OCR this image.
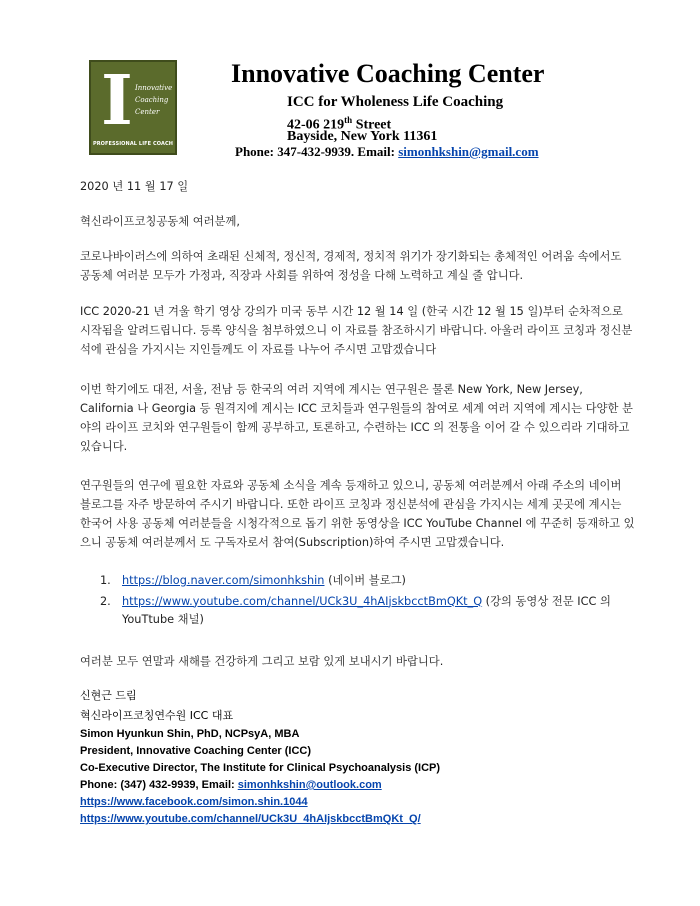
I Innovative
Coaching
Center
PROFESSIONAL LIFE COACH
Innovative Coaching Center
ICC for Wholeness Life Coaching
42-06 219th Street
Bayside, New York 11361
Phone: 347-432-9939. Email: simonhkshin@gmail.com
2020 년 11 월 17 일
혁신라이프코칭공동체 여러분께,

코로나바이러스에 의하여 초래된 신체적, 정신적, 경제적, 정치적 위기가 장기화되는 총체적인 어려움 속에서도 공동체 여러분 모두가 가정과, 직장과 사회를 위하여 정성을 다해 노력하고 계실 줄 압니다.

ICC 2020-21 년 겨울 학기 영상 강의가 미국 동부 시간 12 월 14 일 (한국 시간 12 월 15 일)부터 순차적으로 시작됨을 알려드립니다. 등록 양식을 첨부하였으니 이 자료를 참조하시기 바랍니다. 아울러 라이프 코칭과 정신분석에 관심을 가지시는 지인들께도 이 자료를 나누어 주시면 고맙겠습니다

이번 학기에도 대전, 서울, 전남 등 한국의 여러 지역에 계시는 연구원은 물론 New York, New Jersey, California 나 Georgia 등 원격지에 계시는 ICC 코치들과 연구원들의 참여로 세계 여러 지역에 계시는 다양한 분야의 라이프 코치와 연구원들이 함께 공부하고, 토론하고, 수련하는 ICC 의 전통을 이어 갈 수 있으리라 기대하고 있습니다.

연구원들의 연구에 필요한 자료와 공동체 소식을 계속 등재하고 있으니, 공동체 여러분께서 아래 주소의 네이버 블로그를 자주 방문하여 주시기 바랍니다. 또한 라이프 코칭과 정신분석에 관심을 가지시는 세계 곳곳에 계시는 한국어 사용 공동체 여러분들을 시청각적으로 돕기 위한 동영상을 ICC YouTube Channel 에 꾸준히 등재하고 있으니 공동체 여러분께서 도 구독자로서 참여(Subscription)하여 주시면 고맙겠습니다.

1. https://blog.naver.com/simonhkshin (네이버 블로그)
2. https://www.youtube.com/channel/UCk3U_4hAIjskbcctBmQKt_Q (강의 동영상 전문 ICC 의 YouTtube 채널)
여러분 모두 연말과 새해를 건강하게 그리고 보람 있게 보내시기 바랍니다.
신현근 드림
혁신라이프코칭연수원 ICC 대표
Simon Hyunkun Shin, PhD, NCPsyA, MBA
President, Innovative Coaching Center (ICC)
Co-Executive Director, The Institute for Clinical Psychoanalysis (ICP)
Phone: (347) 432-9939, Email: simonhkshin@outlook.com
https://www.facebook.com/simon.shin.1044
https://www.youtube.com/channel/UCk3U_4hAIjskbcctBmQKt_Q/
